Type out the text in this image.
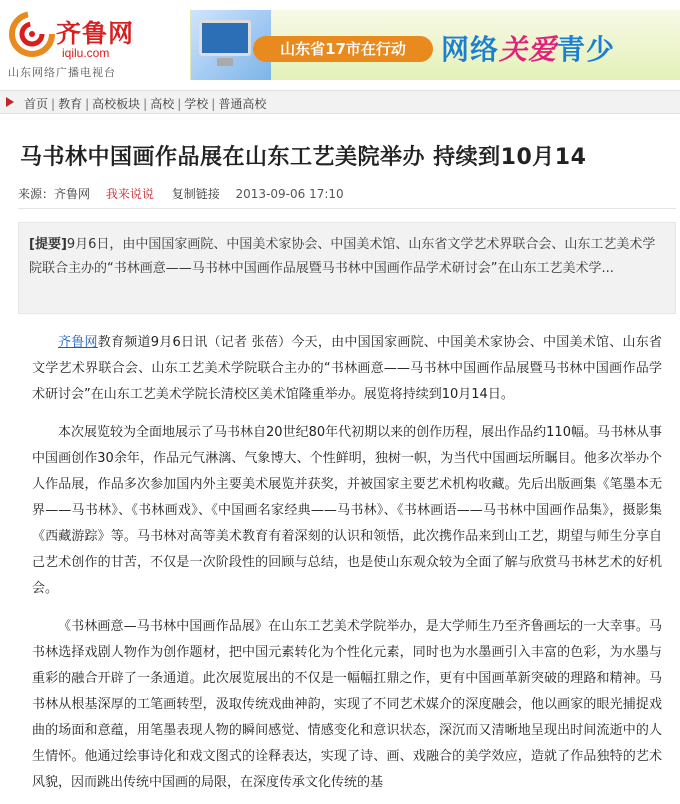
齐鲁网
iqilu.com
山东网络广播电视台
山东省17市在行动	网络关爱青少
首页 | 教育 | 高校板块 | 高校 | 学校 | 普通高校
马书林中国画作品展在山东工艺美院举办 持续到10月14
来源：齐鲁网 我来说说 复制链接 2013-09-06 17:10
[提要]9月6日，由中国国家画院、中国美术家协会、中国美术馆、山东省文学艺术界联合会、山东工艺美术学院联合主办的“书林画意——马书林中国画作品展暨马书林中国画作品学术研讨会”在山东工艺美术学...

齐鲁网教育频道9月6日讯（记者 张蓓）今天，由中国国家画院、中国美术家协会、中国美术馆、山东省文学艺术界联合会、山东工艺美术学院联合主办的“书林画意——马书林中国画作品展暨马书林中国画作品学术研讨会”在山东工艺美术学院长清校区美术馆隆重举办。展览将持续到10月14日。

本次展览较为全面地展示了马书林自20世纪80年代初期以来的创作历程，展出作品约110幅。马书林从事中国画创作30余年，作品元气淋漓、气象博大、个性鲜明，独树一帜，为当代中国画坛所瞩目。他多次举办个人作品展，作品多次参加国内外主要美术展览并获奖，并被国家主要艺术机构收藏。先后出版画集《笔墨本无界——马书林》、《书林画戏》、《中国画名家经典——马书林》、《书林画语——马书林中国画作品集》，摄影集《西藏游踪》等。马书林对高等美术教育有着深刻的认识和领悟，此次携作品来到山工艺，期望与师生分享自己艺术创作的甘苦，不仅是一次阶段性的回顾与总结，也是使山东观众较为全面了解与欣赏马书林艺术的好机会。

《书林画意—马书林中国画作品展》在山东工艺美术学院举办，是大学师生乃至齐鲁画坛的一大幸事。马书林选择戏剧人物作为创作题材，把中国元素转化为个性化元素，同时也为水墨画引入丰富的色彩，为水墨与重彩的融合开辟了一条通道。此次展览展出的不仅是一幅幅扛鼎之作，更有中国画革新突破的理路和精神。马书林从根基深厚的工笔画转型，汲取传统戏曲神韵，实现了不同艺术媒介的深度融会，他以画家的眼光捕捉戏曲的场面和意蕴，用笔墨表现人物的瞬间感觉、情感变化和意识状态，深沉而又清晰地呈现出时间流逝中的人生情怀。他通过绘事诗化和戏文图式的诠释表达，实现了诗、画、戏融合的美学效应，造就了作品独特的艺术风貌，因而跳出传统中国画的局限，在深度传承文化传统的基
